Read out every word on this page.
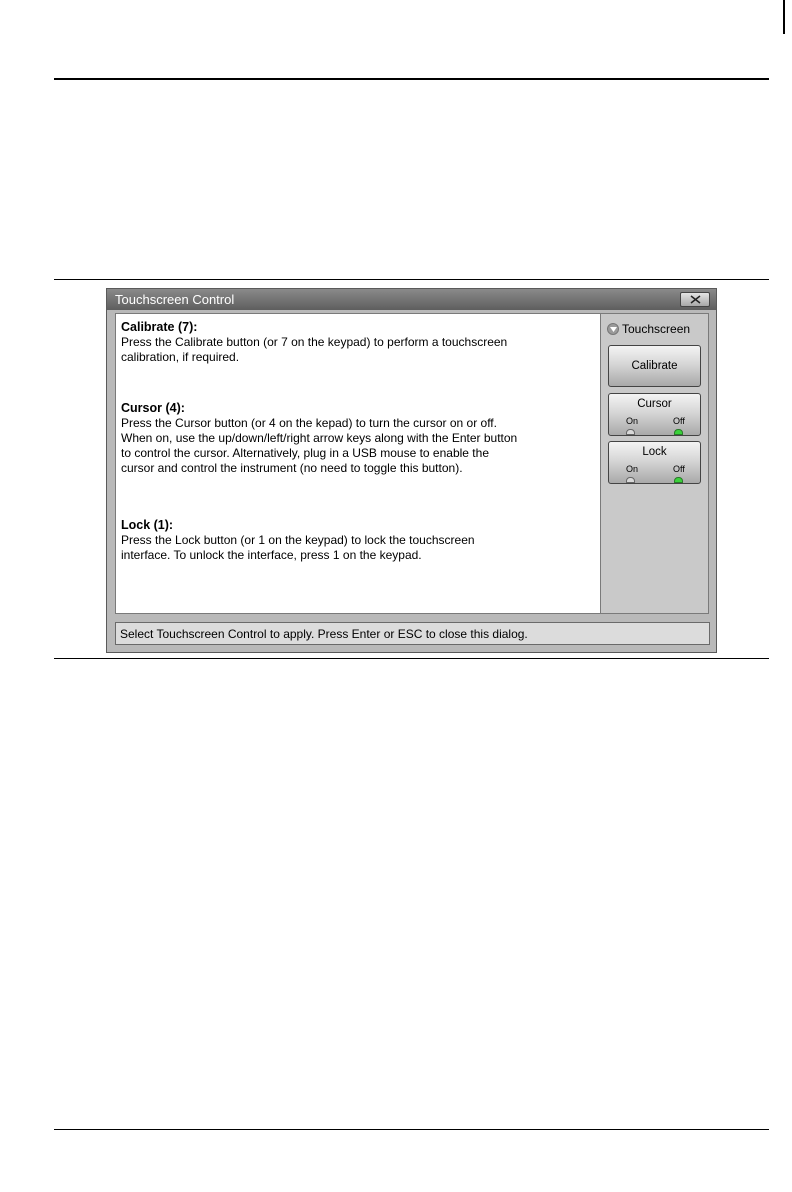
Touchscreen Control

Calibrate (7):

Press the Calibrate button (or 7 on the keypad) to perform a touchscreen
calibration, if required.

Cursor (4):

Press the Cursor button (or 4 on the kepad) to turn the cursor on or off.
When on, use the up/down/left/right arrow keys along with the Enter button
to control the cursor. Alternatively, plug in a USB mouse to enable the
cursor and control the instrument (no need to toggle this button).

Lock (1):

Press the Lock button (or 1 on the keypad) to lock the touchscreen
interface. To unlock the interface, press 1 on the keypad.

Touchscreen
Calibrate
Cursor
On	Off
Lock
On	Off
Select Touchscreen Control to apply. Press Enter or ESC to close this dialog.
